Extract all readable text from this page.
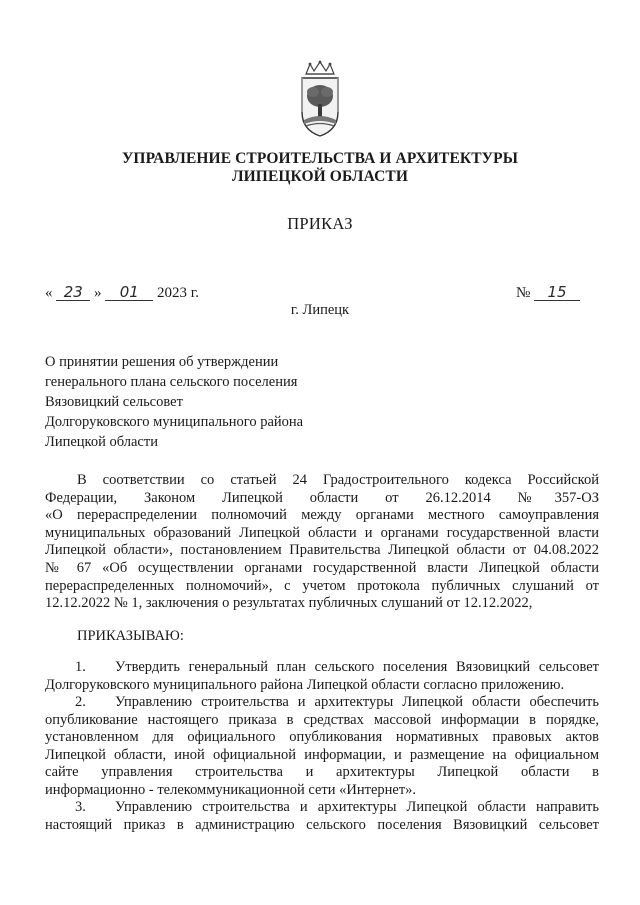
УПРАВЛЕНИЕ СТРОИТЕЛЬСТВА И АРХИТЕКТУРЫ
ЛИПЕЦКОЙ ОБЛАСТИ
ПРИКАЗ
« 23 » 01 2023 г.	№ 15
г. Липецк
О принятии решения об утверждении
генерального плана сельского поселения
Вязовицкий сельсовет
Долгоруковского муниципального района
Липецкой области
В соответствии со статьей 24 Градостроительного кодекса Российской
Федерации, Законом Липецкой области от 26.12.2014 №357-ОЗ
«О перераспределении полномочий между органами местного самоуправления
муниципальных образований Липецкой области и органами государственной власти
Липецкой области», постановлением Правительства Липецкой области от 04.08.2022
№ 67 «Об осуществлении органами государственной власти Липецкой области
перераспределенных полномочий», с учетом протокола публичных слушаний от
12.12.2022 № 1, заключения о результатах публичных слушаний от 12.12.2022,
ПРИКАЗЫВАЮ:
1. Утвердить генеральный план сельского поселения Вязовицкий сельсовет
Долгоруковского муниципального района Липецкой области согласно приложению.
2. Управлению строительства и архитектуры Липецкой области обеспечить
опубликование настоящего приказа в средствах массовой информации в порядке,
установленном для официального опубликования нормативных правовых актов
Липецкой области, иной официальной информации, и размещение на официальном
сайте управления строительства и архитектуры Липецкой области в
информационно - телекоммуникационной сети «Интернет».
3. Управлению строительства и архитектуры Липецкой области направить
настоящий приказ в администрацию сельского поселения Вязовицкий сельсовет
